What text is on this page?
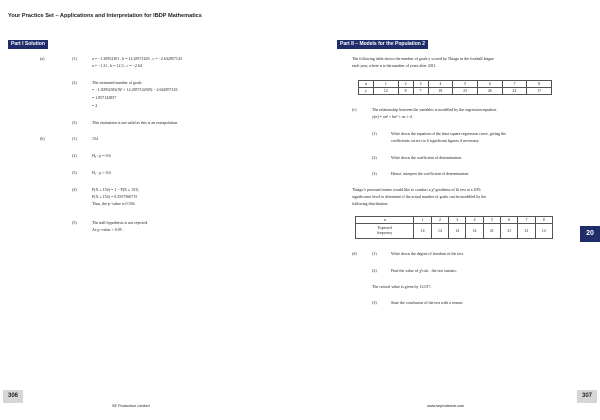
Your Practice Set – Applications and Interpretation for IBDP Mathematics
Part I Solution
(a)	(1)	a = −1.30952381 , b = 12.28571429 , c = −2.642857143
a = −1.31 , b = 12.3 , c = −2.64
(2)	The estimated number of goals
= −1.30952381(9)² + 12.28571429(9) − 2.642857143
= 1.857142857
= 2
(3)	This estimation is not valid as this is an extrapolation.
(b)	(1)	154
(2)	H₀ : p = 0.6
(3)	H₁ : p > 0.6
(4)	P(X ≥ 154) = 1 − P(X ≤ 153)
P(X ≥ 154) = 0.3557560715
Thus, the p -value is 0.356.
(5)	The null hypothesis is not rejected.
As p -value > 0.05 .
Part II – Models for the Population 2
The following table shows the number of goals y scored by Thiago in the football league
each year, where n is the number of years after 2011.
n	1	2	3	4	5	6	7	8
y	12	8	7	18	23	26	22	17
(c)	The relationship between the variables is modelled by the regression equation
y(n) = an³ + bn² + cn + d .
(1)	Write down the equation of the least square regression curve, giving the
coefficients correct to 6 significant figures if necessary.
(2)	Write down the coefficient of determination.
(3)	Hence, interpret the coefficient of determination.
Thiago’s personal trainer would like to conduct a χ² goodness of fit test at a 10%
significance level to determine if the actual number of goals can be modelled by the
following distribution:
n	1	2	3	4	5	6	7	8

Expected
frequency	14	14	14	14	21	21	21	14
(d)	(1)	Write down the degree of freedom of the test.
(2)	Find the value of χ²calc , the test statistic.
The critical value is given by 12.017.
(3)	State the conclusion of the test with a reason.
20
306	307
SE Production Limited	www.seprodstore.com
